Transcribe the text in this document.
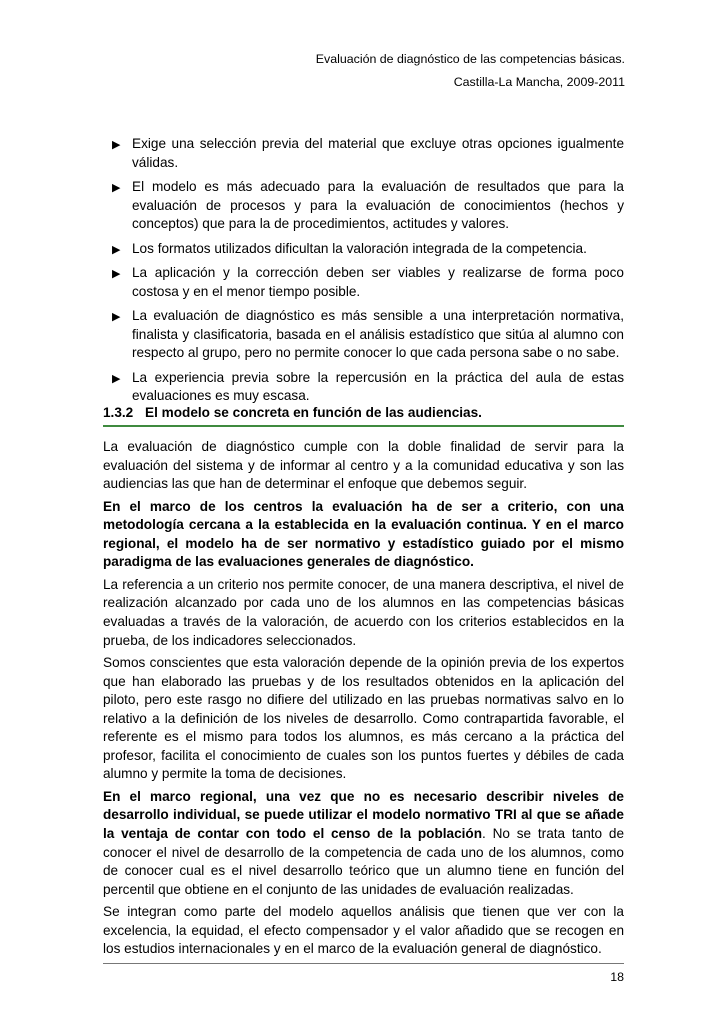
Evaluación de diagnóstico de las competencias básicas.
Castilla-La Mancha, 2009-2011
▶ Exige una selección previa del material que excluye otras opciones igualmente válidas.
▶ El modelo es más adecuado para la evaluación de resultados que para la evaluación de procesos y para la evaluación de conocimientos (hechos y conceptos) que para la de procedimientos, actitudes y valores.
▶ Los formatos utilizados dificultan la valoración integrada de la competencia.
▶ La aplicación y la corrección deben ser viables y realizarse de forma poco costosa y en el menor tiempo posible.
▶ La evaluación de diagnóstico es más sensible a una interpretación normativa, finalista y clasificatoria, basada en el análisis estadístico que sitúa al alumno con respecto al grupo, pero no permite conocer lo que cada persona sabe o no sabe.
▶ La experiencia previa sobre la repercusión en la práctica del aula de estas evaluaciones es muy escasa.
1.3.2 El modelo se concreta en función de las audiencias.

La evaluación de diagnóstico cumple con la doble finalidad de servir para la evaluación del sistema y de informar al centro y a la comunidad educativa y son las audiencias las que han de determinar el enfoque que debemos seguir.

En el marco de los centros la evaluación ha de ser a criterio, con una metodología cercana a la establecida en la evaluación continua. Y en el marco regional, el modelo ha de ser normativo y estadístico guiado por el mismo paradigma de las evaluaciones generales de diagnóstico.

La referencia a un criterio nos permite conocer, de una manera descriptiva, el nivel de realización alcanzado por cada uno de los alumnos en las competencias básicas evaluadas a través de la valoración, de acuerdo con los criterios establecidos en la prueba, de los indicadores seleccionados.

Somos conscientes que esta valoración depende de la opinión previa de los expertos que han elaborado las pruebas y de los resultados obtenidos en la aplicación del piloto, pero este rasgo no difiere del utilizado en las pruebas normativas salvo en lo relativo a la definición de los niveles de desarrollo. Como contrapartida favorable, el referente es el mismo para todos los alumnos, es más cercano a la práctica del profesor, facilita el conocimiento de cuales son los puntos fuertes y débiles de cada alumno y permite la toma de decisiones.

En el marco regional, una vez que no es necesario describir niveles de desarrollo individual, se puede utilizar el modelo normativo TRI al que se añade la ventaja de contar con todo el censo de la población. No se trata tanto de conocer el nivel de desarrollo de la competencia de cada uno de los alumnos, como de conocer cual es el nivel desarrollo teórico que un alumno tiene en función del percentil que obtiene en el conjunto de las unidades de evaluación realizadas.

Se integran como parte del modelo aquellos análisis que tienen que ver con la excelencia, la equidad, el efecto compensador y el valor añadido que se recogen en los estudios internacionales y en el marco de la evaluación general de diagnóstico.

18
